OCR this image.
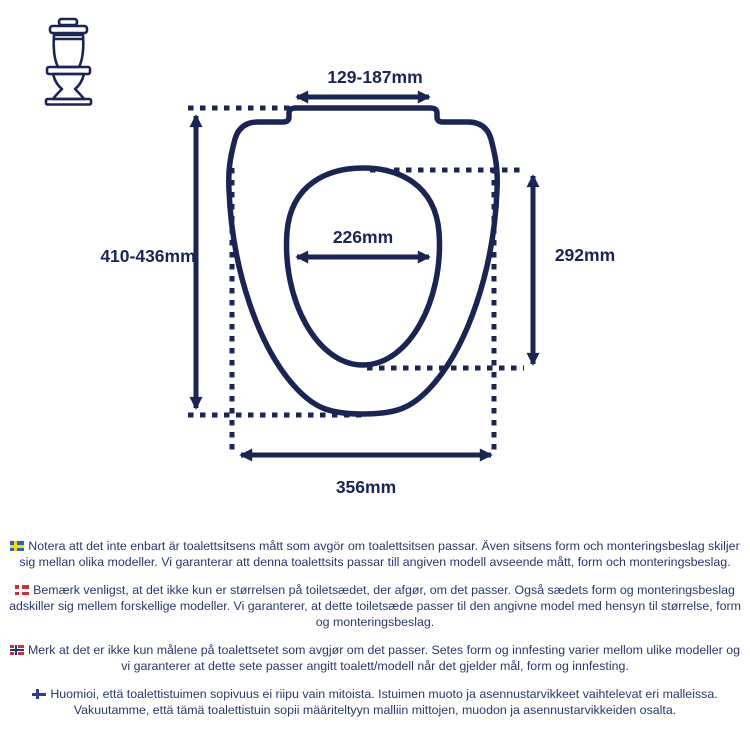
129-187mm
410-436mm
226mm
292mm
356mm

Notera att det inte enbart är toalettsitsens mått som avgör om toalettsitsen passar. Även sitsens form och monteringsbeslag skiljer sig mellan olika modeller. Vi garanterar att denna toalettsits passar till angiven modell avseende mått, form och monteringsbeslag.

Bemærk venligst, at det ikke kun er størrelsen på toiletsædet, der afgør, om det passer. Også sædets form og monteringsbeslag adskiller sig mellem forskellige modeller. Vi garanterer, at dette toiletsæde passer til den angivne model med hensyn til størrelse, form og monteringsbeslag.

Merk at det er ikke kun målene på toalettsetet som avgjør om det passer. Setes form og innfesting varier mellom ulike modeller og vi garanterer at dette sete passer angitt toalett/modell når det gjelder mål, form og innfesting.

Huomioi, että toalettistuimen sopivuus ei riipu vain mitoista. Istuimen muoto ja asennustarvikkeet vaihtelevat eri malleissa. Vakuutamme, että tämä toalettistuin sopii määriteltyyn malliin mittojen, muodon ja asennustarvikkeiden osalta.
